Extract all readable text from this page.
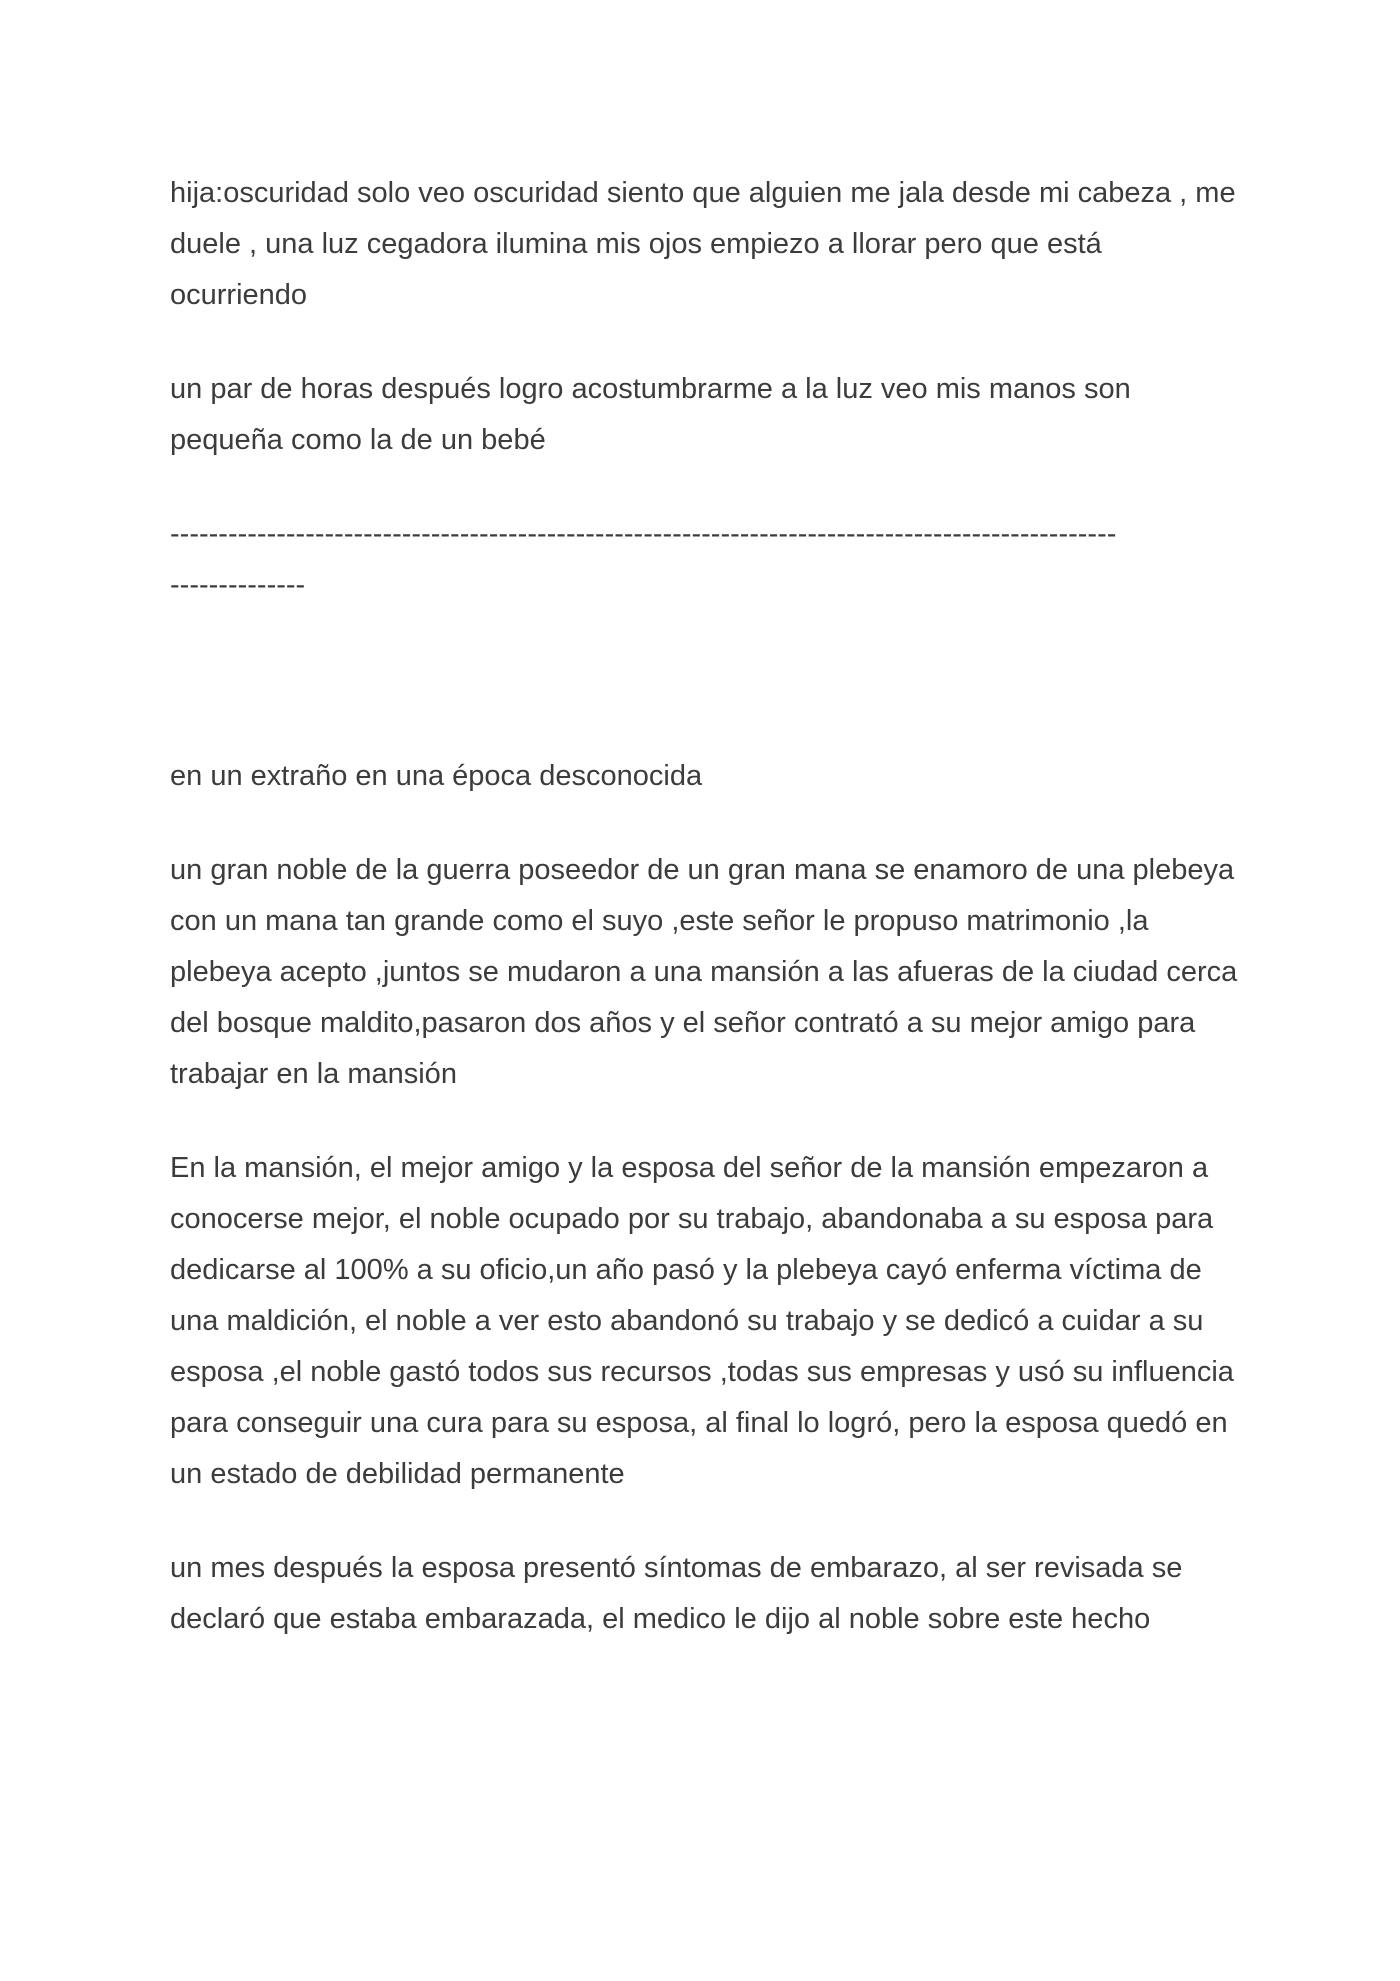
hija:oscuridad solo veo oscuridad siento que alguien me jala desde mi cabeza , me duele , una luz cegadora ilumina mis ojos empiezo a llorar pero que está ocurriendo

un par de horas después logro acostumbrarme a la luz veo mis manos son pequeña como la de un bebé

--------------------------------------------------------------------------------------------------
--------------

en un extraño en una época desconocida

un gran noble de la guerra poseedor de un gran mana se enamoro de una plebeya con un mana tan grande como el suyo ,este señor le propuso matrimonio ,la plebeya acepto ,juntos se mudaron a una mansión a las afueras de la ciudad cerca del bosque maldito,pasaron dos años y el señor contrató a su mejor amigo para trabajar en la mansión

En la mansión, el mejor amigo y la esposa del señor de la mansión empezaron a conocerse mejor, el noble ocupado por su trabajo, abandonaba a su esposa para dedicarse al 100% a su oficio,un año pasó y la plebeya cayó enferma víctima de una maldición, el noble a ver esto abandonó su trabajo y se dedicó a cuidar a su esposa ,el noble gastó todos sus recursos ,todas sus empresas y usó su influencia para conseguir una cura para su esposa, al final lo logró, pero la esposa quedó en un estado de debilidad permanente

un mes después la esposa presentó síntomas de embarazo, al ser revisada se declaró que estaba embarazada, el medico le dijo al noble sobre este hecho
